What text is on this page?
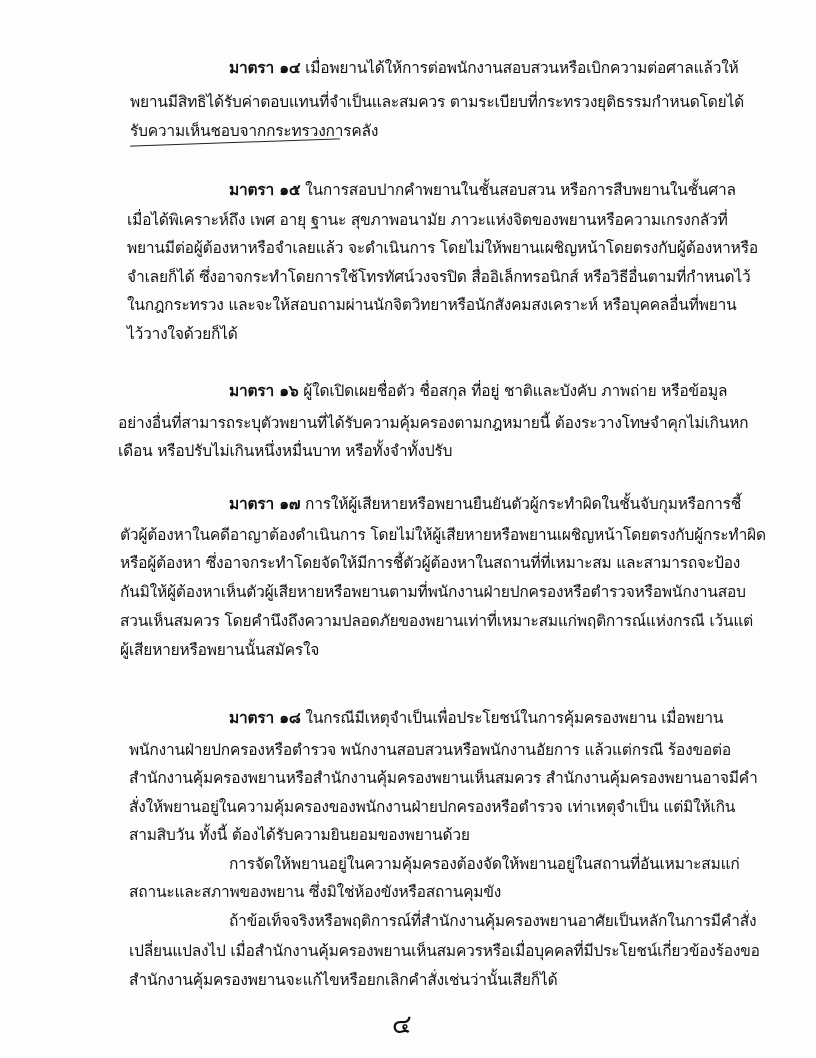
มาตรา ๑๔ เมื่อพยานได้ให้การต่อพนักงานสอบสวนหรือเบิกความต่อศาลแล้วให้
พยานมีสิทธิได้รับค่าตอบแทนที่จำเป็นและสมควร ตามระเบียบที่กระทรวงยุติธรรมกำหนดโดยได้
รับความเห็นชอบจากกระทรวงการคลัง
มาตรา ๑๕ ในการสอบปากคำพยานในชั้นสอบสวน หรือการสืบพยานในชั้นศาล
เมื่อได้พิเคราะห์ถึง เพศ อายุ ฐานะ สุขภาพอนามัย ภาวะแห่งจิตของพยานหรือความเกรงกลัวที่
พยานมีต่อผู้ต้องหาหรือจำเลยแล้ว จะดำเนินการ โดยไม่ให้พยานเผชิญหน้าโดยตรงกับผู้ต้องหาหรือ
จำเลยก็ได้ ซึ่งอาจกระทำโดยการใช้โทรทัศน์วงจรปิด สื่ออิเล็กทรอนิกส์ หรือวิธีอื่นตามที่กำหนดไว้
ในกฎกระทรวง และจะให้สอบถามผ่านนักจิตวิทยาหรือนักสังคมสงเคราะห์ หรือบุคคลอื่นที่พยาน
ไว้วางใจด้วยก็ได้
มาตรา ๑๖ ผู้ใดเปิดเผยชื่อตัว ชื่อสกุล ที่อยู่ ชาติและบังคับ ภาพถ่าย หรือข้อมูล
อย่างอื่นที่สามารถระบุตัวพยานที่ได้รับความคุ้มครองตามกฎหมายนี้ ต้องระวางโทษจำคุกไม่เกินหก
เดือน หรือปรับไม่เกินหนึ่งหมื่นบาท หรือทั้งจำทั้งปรับ
มาตรา ๑๗ การให้ผู้เสียหายหรือพยานยืนยันตัวผู้กระทำผิดในชั้นจับกุมหรือการชี้
ตัวผู้ต้องหาในคดีอาญาต้องดำเนินการ โดยไม่ให้ผู้เสียหายหรือพยานเผชิญหน้าโดยตรงกับผู้กระทำผิด
หรือผู้ต้องหา ซึ่งอาจกระทำโดยจัดให้มีการชี้ตัวผู้ต้องหาในสถานที่ที่เหมาะสม และสามารถจะป้อง
กันมิให้ผู้ต้องหาเห็นตัวผู้เสียหายหรือพยานตามที่พนักงานฝ่ายปกครองหรือตำรวจหรือพนักงานสอบ
สวนเห็นสมควร โดยคำนึงถึงความปลอดภัยของพยานเท่าที่เหมาะสมแก่พฤติการณ์แห่งกรณี เว้นแต่
ผู้เสียหายหรือพยานนั้นสมัครใจ
มาตรา ๑๘ ในกรณีมีเหตุจำเป็นเพื่อประโยชน์ในการคุ้มครองพยาน เมื่อพยาน
พนักงานฝ่ายปกครองหรือตำรวจ พนักงานสอบสวนหรือพนักงานอัยการ แล้วแต่กรณี ร้องขอต่อ
สำนักงานคุ้มครองพยานหรือสำนักงานคุ้มครองพยานเห็นสมควร สำนักงานคุ้มครองพยานอาจมีคำ
สั่งให้พยานอยู่ในความคุ้มครองของพนักงานฝ่ายปกครองหรือตำรวจ เท่าเหตุจำเป็น แต่มิให้เกิน
สามสิบวัน ทั้งนี้ ต้องได้รับความยินยอมของพยานด้วย
การจัดให้พยานอยู่ในความคุ้มครองต้องจัดให้พยานอยู่ในสถานที่อันเหมาะสมแก่
สถานะและสภาพของพยาน ซึ่งมิใช่ห้องขังหรือสถานคุมขัง
ถ้าข้อเท็จจริงหรือพฤติการณ์ที่สำนักงานคุ้มครองพยานอาศัยเป็นหลักในการมีคำสั่ง
เปลี่ยนแปลงไป เมื่อสำนักงานคุ้มครองพยานเห็นสมควรหรือเมื่อบุคคลที่มีประโยชน์เกี่ยวข้องร้องขอ
สำนักงานคุ้มครองพยานจะแก้ไขหรือยกเลิกคำสั่งเช่นว่านั้นเสียก็ได้
๔
